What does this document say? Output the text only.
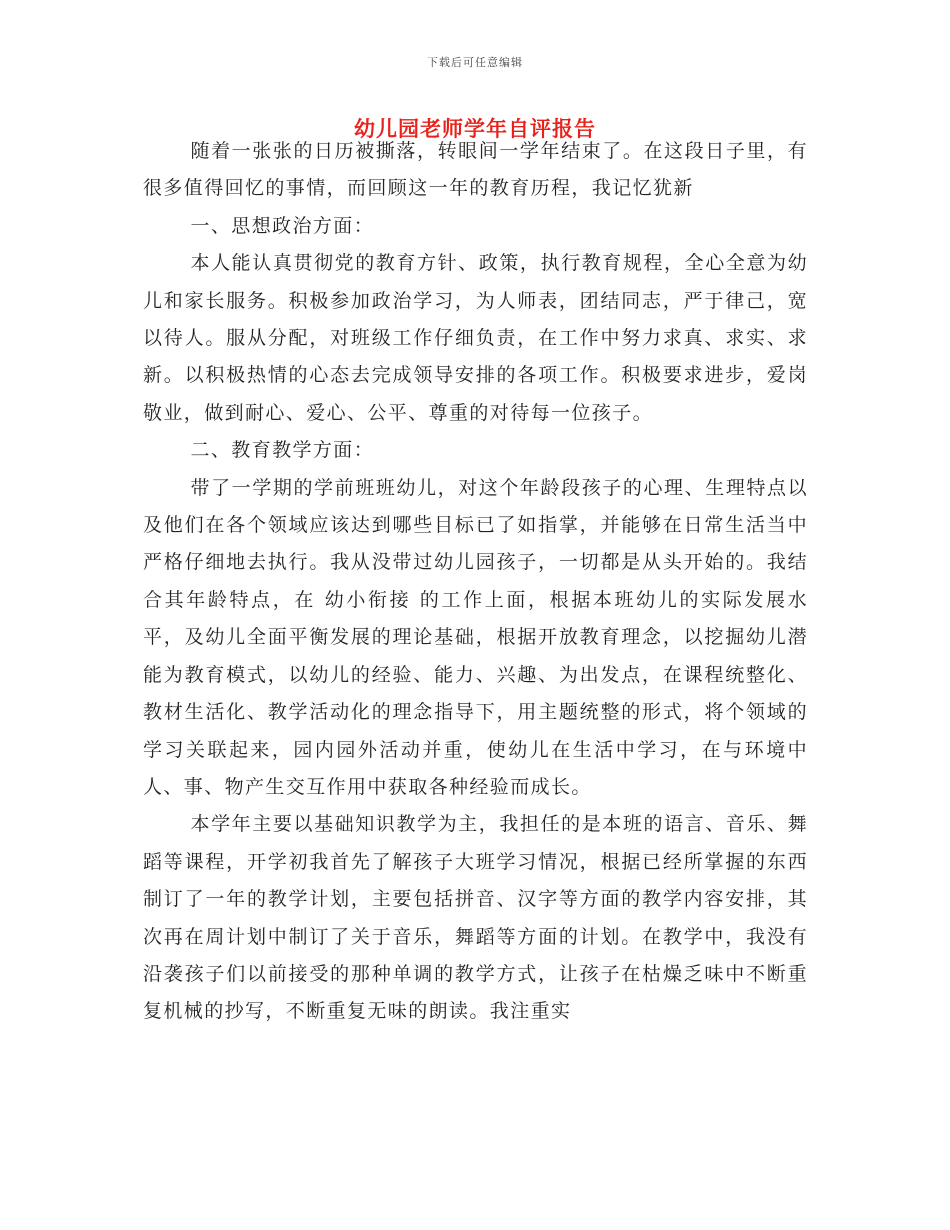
下载后可任意编辑
幼儿园老师学年自评报告

随着一张张的日历被撕落，转眼间一学年结束了。在这段日子里，有很多值得回忆的事情，而回顾这一年的教育历程，我记忆犹新

一、思想政治方面：

本人能认真贯彻党的教育方针、政策，执行教育规程，全心全意为幼儿和家长服务。积极参加政治学习，为人师表，团结同志，严于律己，宽以待人。服从分配，对班级工作仔细负责，在工作中努力求真、求实、求新。以积极热情的心态去完成领导安排的各项工作。积极要求进步，爱岗敬业，做到耐心、爱心、公平、尊重的对待每一位孩子。

二、教育教学方面：

带了一学期的学前班班幼儿，对这个年龄段孩子的心理、生理特点以及他们在各个领域应该达到哪些目标已了如指掌，并能够在日常生活当中严格仔细地去执行。我从没带过幼儿园孩子，一切都是从头开始的。我结合其年龄特点，在 幼小衔接 的工作上面，根据本班幼儿的实际发展水平，及幼儿全面平衡发展的理论基础，根据开放教育理念，以挖掘幼儿潜能为教育模式，以幼儿的经验、能力、兴趣、为出发点，在课程统整化、教材生活化、教学活动化的理念指导下，用主题统整的形式，将个领域的学习关联起来，园内园外活动并重，使幼儿在生活中学习，在与环境中人、事、物产生交互作用中获取各种经验而成长。

本学年主要以基础知识教学为主，我担任的是本班的语言、音乐、舞蹈等课程，开学初我首先了解孩子大班学习情况，根据已经所掌握的东西制订了一年的教学计划，主要包括拼音、汉字等方面的教学内容安排，其次再在周计划中制订了关于音乐，舞蹈等方面的计划。在教学中，我没有沿袭孩子们以前接受的那种单调的教学方式，让孩子在枯燥乏味中不断重复机械的抄写，不断重复无味的朗读。我注重实
